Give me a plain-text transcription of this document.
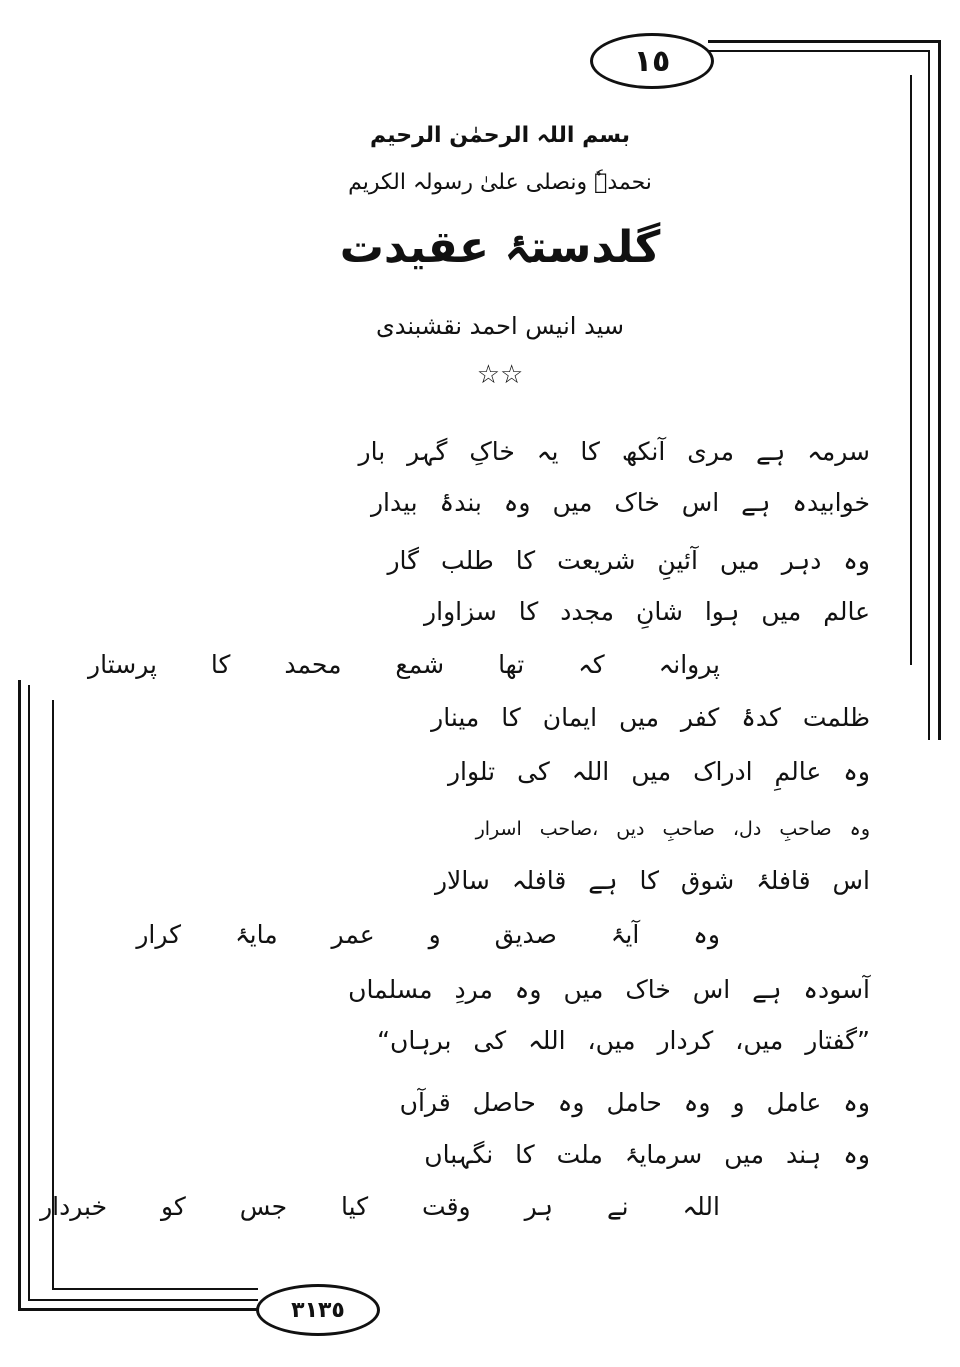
١٥
٣١٣٥
بسم اللہ الرحمٰن الرحیم
نحمدہٗ ونصلی علیٰ رسولہ الکریم
گلدستۂ عقیدت
سید انیس احمد نقشبندی
☆☆
سرمہ ہے مری آنکھ کا یہ خاکِ گہر بار
خوابیدہ ہے اس خاک میں وہ بندۂ بیدار
وہ دہر میں آئینِ شریعت کا طلب گار
عالم میں ہوا شانِ مجدد کا سزاوار
پروانہ کہ تھا شمع محمد کا پرستار
ظلمت کدۂ کفر میں ایمان کا مینار
وہ عالمِ ادراک میں اللہ کی تلوار
وہ صاحبِ دل، صاحبِ دیں ،صاحب اسرار
اس قافلۂ شوق کا ہے قافلہ سالار
وہ آیۂ صدیق و عمر مایۂ کرار
آسودہ ہے اس خاک میں وہ مردِ مسلماں
”گفتار میں، کردار میں، اللہ کی برہاں“
وہ عامل و وہ حامل وہ حاصل قرآں
وہ ہند میں سرمایۂ ملت کا نگہباں
اللہ نے ہر وقت کیا جس کو خبردار
